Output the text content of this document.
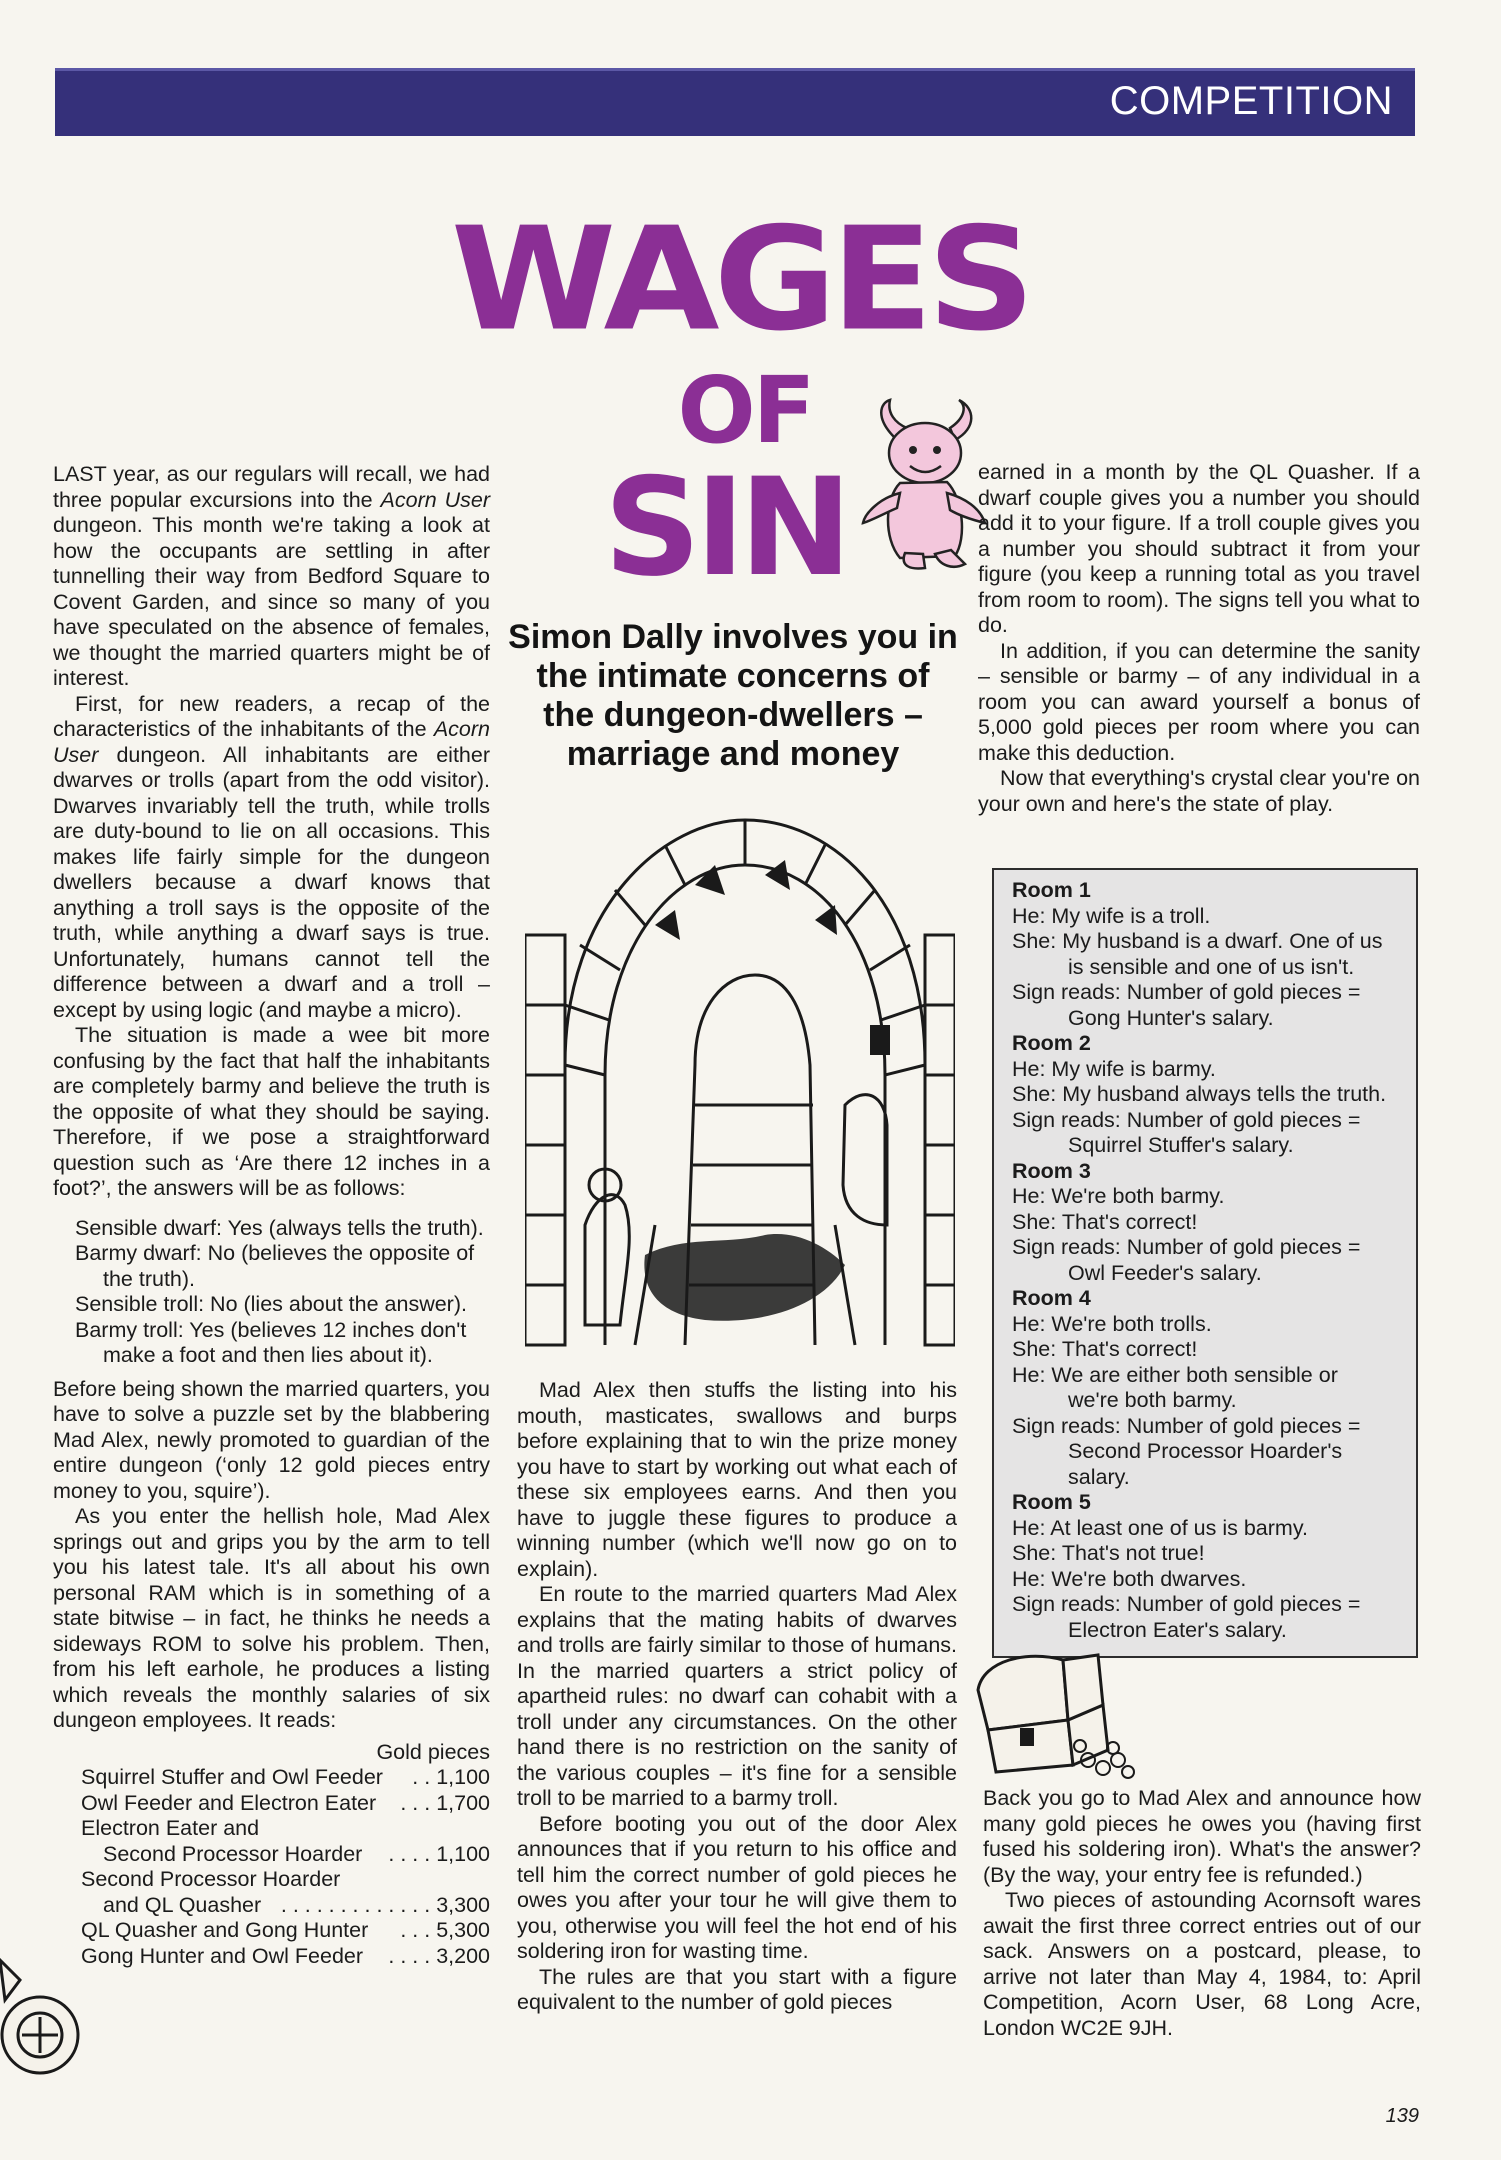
COMPETITION
WAGES
OF
SIN
Simon Dally involves you in the intimate concerns of the dungeon-dwellers – marriage and money

LAST year, as our regulars will recall, we had three popular excursions into the Acorn User dungeon. This month we're taking a look at how the occupants are settling in after tunnelling their way from Bedford Square to Covent Garden, and since so many of you have speculated on the absence of females, we thought the married quarters might be of interest.

First, for new readers, a recap of the characteristics of the inhabitants of the Acorn User dungeon. All inhabitants are either dwarves or trolls (apart from the odd visitor). Dwarves invariably tell the truth, while trolls are duty-bound to lie on all occasions. This makes life fairly simple for the dungeon dwellers because a dwarf knows that anything a troll says is the opposite of the truth, while anything a dwarf says is true. Unfortunately, humans cannot tell the difference between a dwarf and a troll – except by using logic (and maybe a micro).

The situation is made a wee bit more confusing by the fact that half the inhabitants are completely barmy and believe the truth is the opposite of what they should be saying. Therefore, if we pose a straightforward question such as ‘Are there 12 inches in a foot?’, the answers will be as follows:

Sensible dwarf: Yes (always tells the truth).
Barmy dwarf: No (believes the opposite of the truth).
Sensible troll: No (lies about the answer).
Barmy troll: Yes (believes 12 inches don't make a foot and then lies about it).

Before being shown the married quarters, you have to solve a puzzle set by the blabbering Mad Alex, newly promoted to guardian of the entire dungeon (‘only 12 gold pieces entry money to you, squire’).

As you enter the hellish hole, Mad Alex springs out and grips you by the arm to tell you his latest tale. It's all about his own personal RAM which is in something of a state bitwise – in fact, he thinks he needs a sideways ROM to solve his problem. Then, from his left earhole, he produces a listing which reveals the monthly salaries of six dungeon employees. It reads:

Gold pieces
Squirrel Stuffer and Owl Feeder . . 1,100
Owl Feeder and Electron Eater . . . 1,700
Electron Eater and
Second Processor Hoarder . . . . 1,100
Second Processor Hoarder
and QL Quasher . . . . . . . . . . . . . 3,300
QL Quasher and Gong Hunter . . . 5,300
Gong Hunter and Owl Feeder . . . . 3,200

Mad Alex then stuffs the listing into his mouth, masticates, swallows and burps before explaining that to win the prize money you have to start by working out what each of these six employees earns. And then you have to juggle these figures to produce a winning number (which we'll now go on to explain).

En route to the married quarters Mad Alex explains that the mating habits of dwarves and trolls are fairly similar to those of humans. In the married quarters a strict policy of apartheid rules: no dwarf can cohabit with a troll under any circumstances. On the other hand there is no restriction on the sanity of the various couples – it's fine for a sensible troll to be married to a barmy troll.

Before booting you out of the door Alex announces that if you return to his office and tell him the correct number of gold pieces he owes you after your tour he will give them to you, otherwise you will feel the hot end of his soldering iron for wasting time.

The rules are that you start with a figure equivalent to the number of gold pieces

earned in a month by the QL Quasher. If a dwarf couple gives you a number you should add it to your figure. If a troll couple gives you a number you should subtract it from your figure (you keep a running total as you travel from room to room). The signs tell you what to do.

In addition, if you can determine the sanity – sensible or barmy – of any individual in a room you can award yourself a bonus of 5,000 gold pieces per room where you can make this deduction.

Now that everything's crystal clear you're on your own and here's the state of play.

Room 1
He: My wife is a troll.
She: My husband is a dwarf. One of us
is sensible and one of us isn't.
Sign reads: Number of gold pieces =
Gong Hunter's salary.
Room 2
He: My wife is barmy.
She: My husband always tells the truth.
Sign reads: Number of gold pieces =
Squirrel Stuffer's salary.
Room 3
He: We're both barmy.
She: That's correct!
Sign reads: Number of gold pieces =
Owl Feeder's salary.
Room 4
He: We're both trolls.
She: That's correct!
He: We are either both sensible or
we're both barmy.
Sign reads: Number of gold pieces =
Second Processor Hoarder's salary.
Room 5
He: At least one of us is barmy.
She: That's not true!
He: We're both dwarves.
Sign reads: Number of gold pieces =
Electron Eater's salary.

Back you go to Mad Alex and announce how many gold pieces he owes you (having first fused his soldering iron). What's the answer? (By the way, your entry fee is refunded.)

Two pieces of astounding Acornsoft wares await the first three correct entries out of our sack. Answers on a postcard, please, to arrive not later than May 4, 1984, to: April Competition, Acorn User, 68 Long Acre, London WC2E 9JH.

139
